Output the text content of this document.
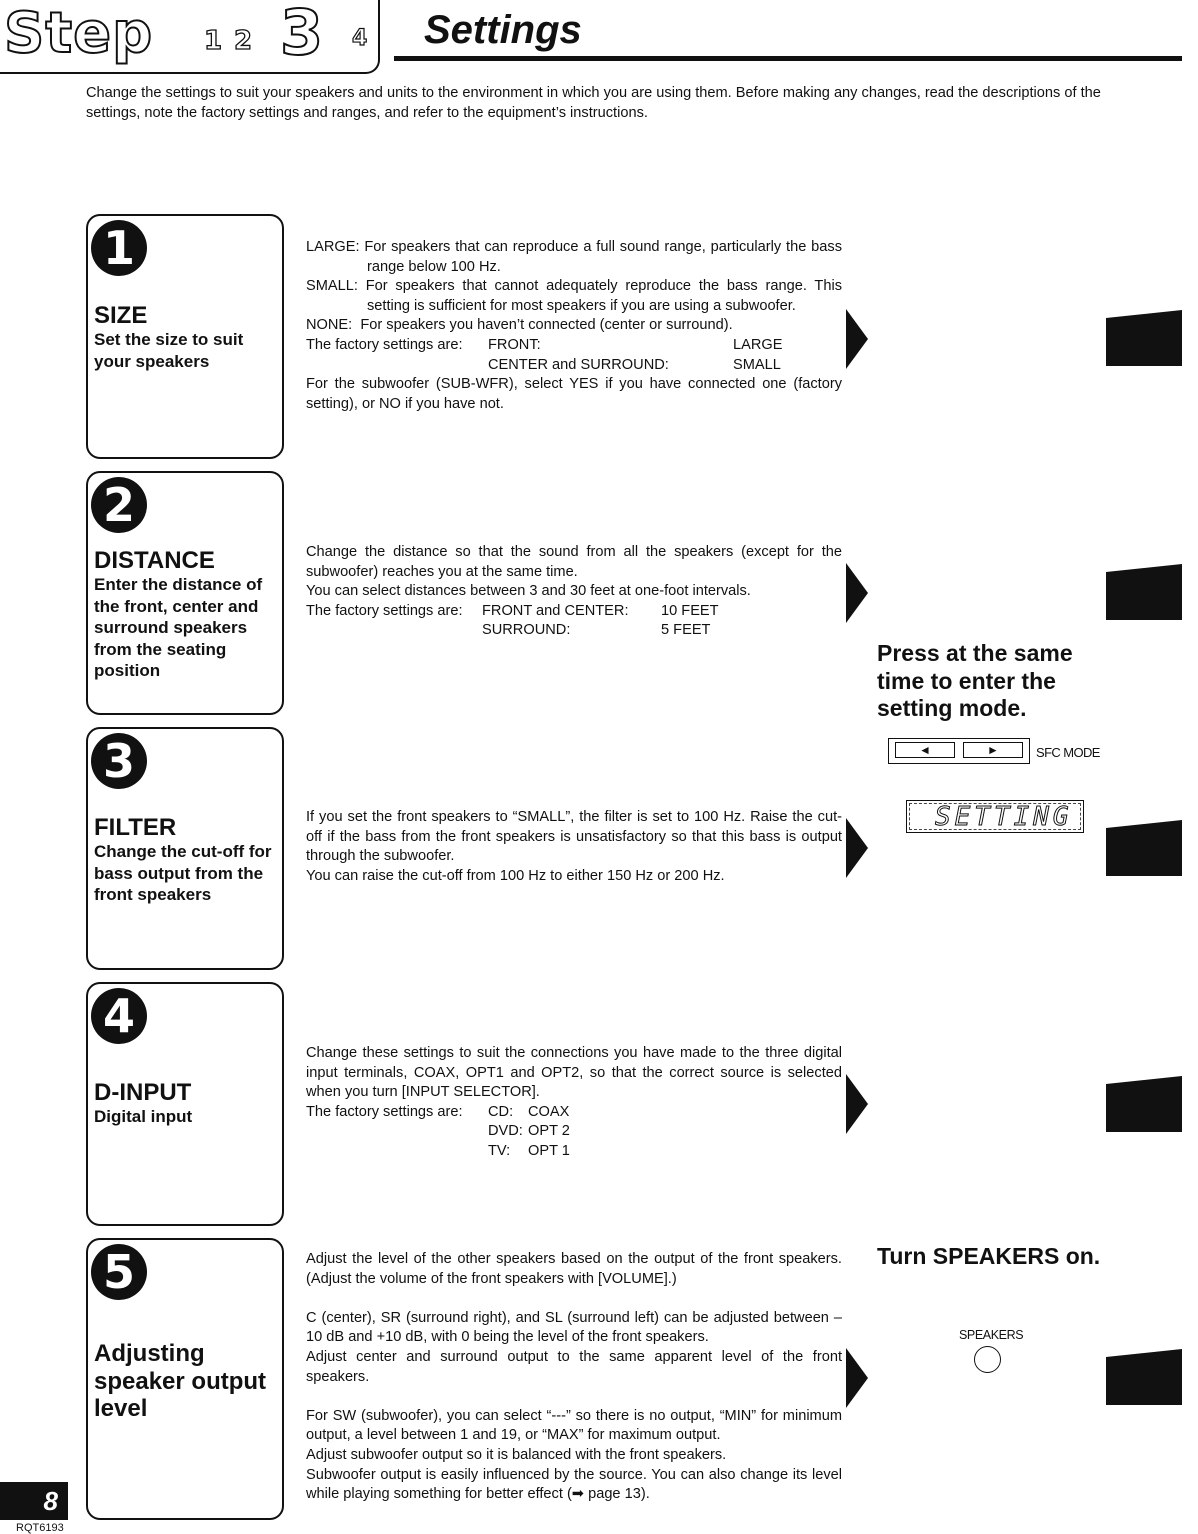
Step 1 2 3 4 Settings
Change the settings to suit your speakers and units to the environment in which you are using them. Before making any changes, read the descriptions of the settings, note the factory settings and ranges, and refer to the equipment’s instructions.
1
SIZE
Set the size to suit your speakers

LARGE: For speakers that can reproduce a full sound range, particularly the bass range below 100 Hz.

SMALL: For speakers that cannot adequately reproduce the bass range. This setting is sufficient for most speakers if you are using a subwoofer.

NONE: For speakers you haven’t connected (center or surround).

The factory settings are:	FRONT:	LARGE
CENTER and SURROUND:	SMALL

For the subwoofer (SUB-WFR), select YES if you have connected one (factory setting), or NO if you have not.

2
DISTANCE
Enter the distance of the front, center and surround speakers from the seating position

Change the distance so that the sound from all the speakers (except for the subwoofer) reaches you at the same time.

You can select distances between 3 and 30 feet at one-foot intervals.

The factory settings are:	FRONT and CENTER:	10 FEET
SURROUND:	5 FEET
Press at the same time to enter the setting mode.
◄	►	SFC MODE
SETTING
3
FILTER
Change the cut-off for bass output from the front speakers

If you set the front speakers to “SMALL”, the filter is set to 100 Hz. Raise the cut-off if the bass from the front speakers is unsatisfactory so that this bass is output through the subwoofer.

You can raise the cut-off from 100 Hz to either 150 Hz or 200 Hz.

4
D-INPUT
Digital input

Change these settings to suit the connections you have made to the three digital input terminals, COAX, OPT1 and OPT2, so that the correct source is selected when you turn [INPUT SELECTOR].

The factory settings are:	CD:	COAX
DVD: OPT 2
TV:	OPT 1
5
Adjusting speaker output level

Adjust the level of the other speakers based on the output of the front speakers. (Adjust the volume of the front speakers with [VOLUME].)

C (center), SR (surround right), and SL (surround left) can be adjusted between –10 dB and +10 dB, with 0 being the level of the front speakers.

Adjust center and surround output to the same apparent level of the front speakers.

For SW (subwoofer), you can select “---” so there is no output, “MIN” for minimum output, a level between 1 and 19, or “MAX” for maximum output.

Adjust subwoofer output so it is balanced with the front speakers.

Subwoofer output is easily influenced by the source. You can also change its level while playing something for better effect (➡ page 13).

Turn SPEAKERS on.
SPEAKERS
8
RQT6193
